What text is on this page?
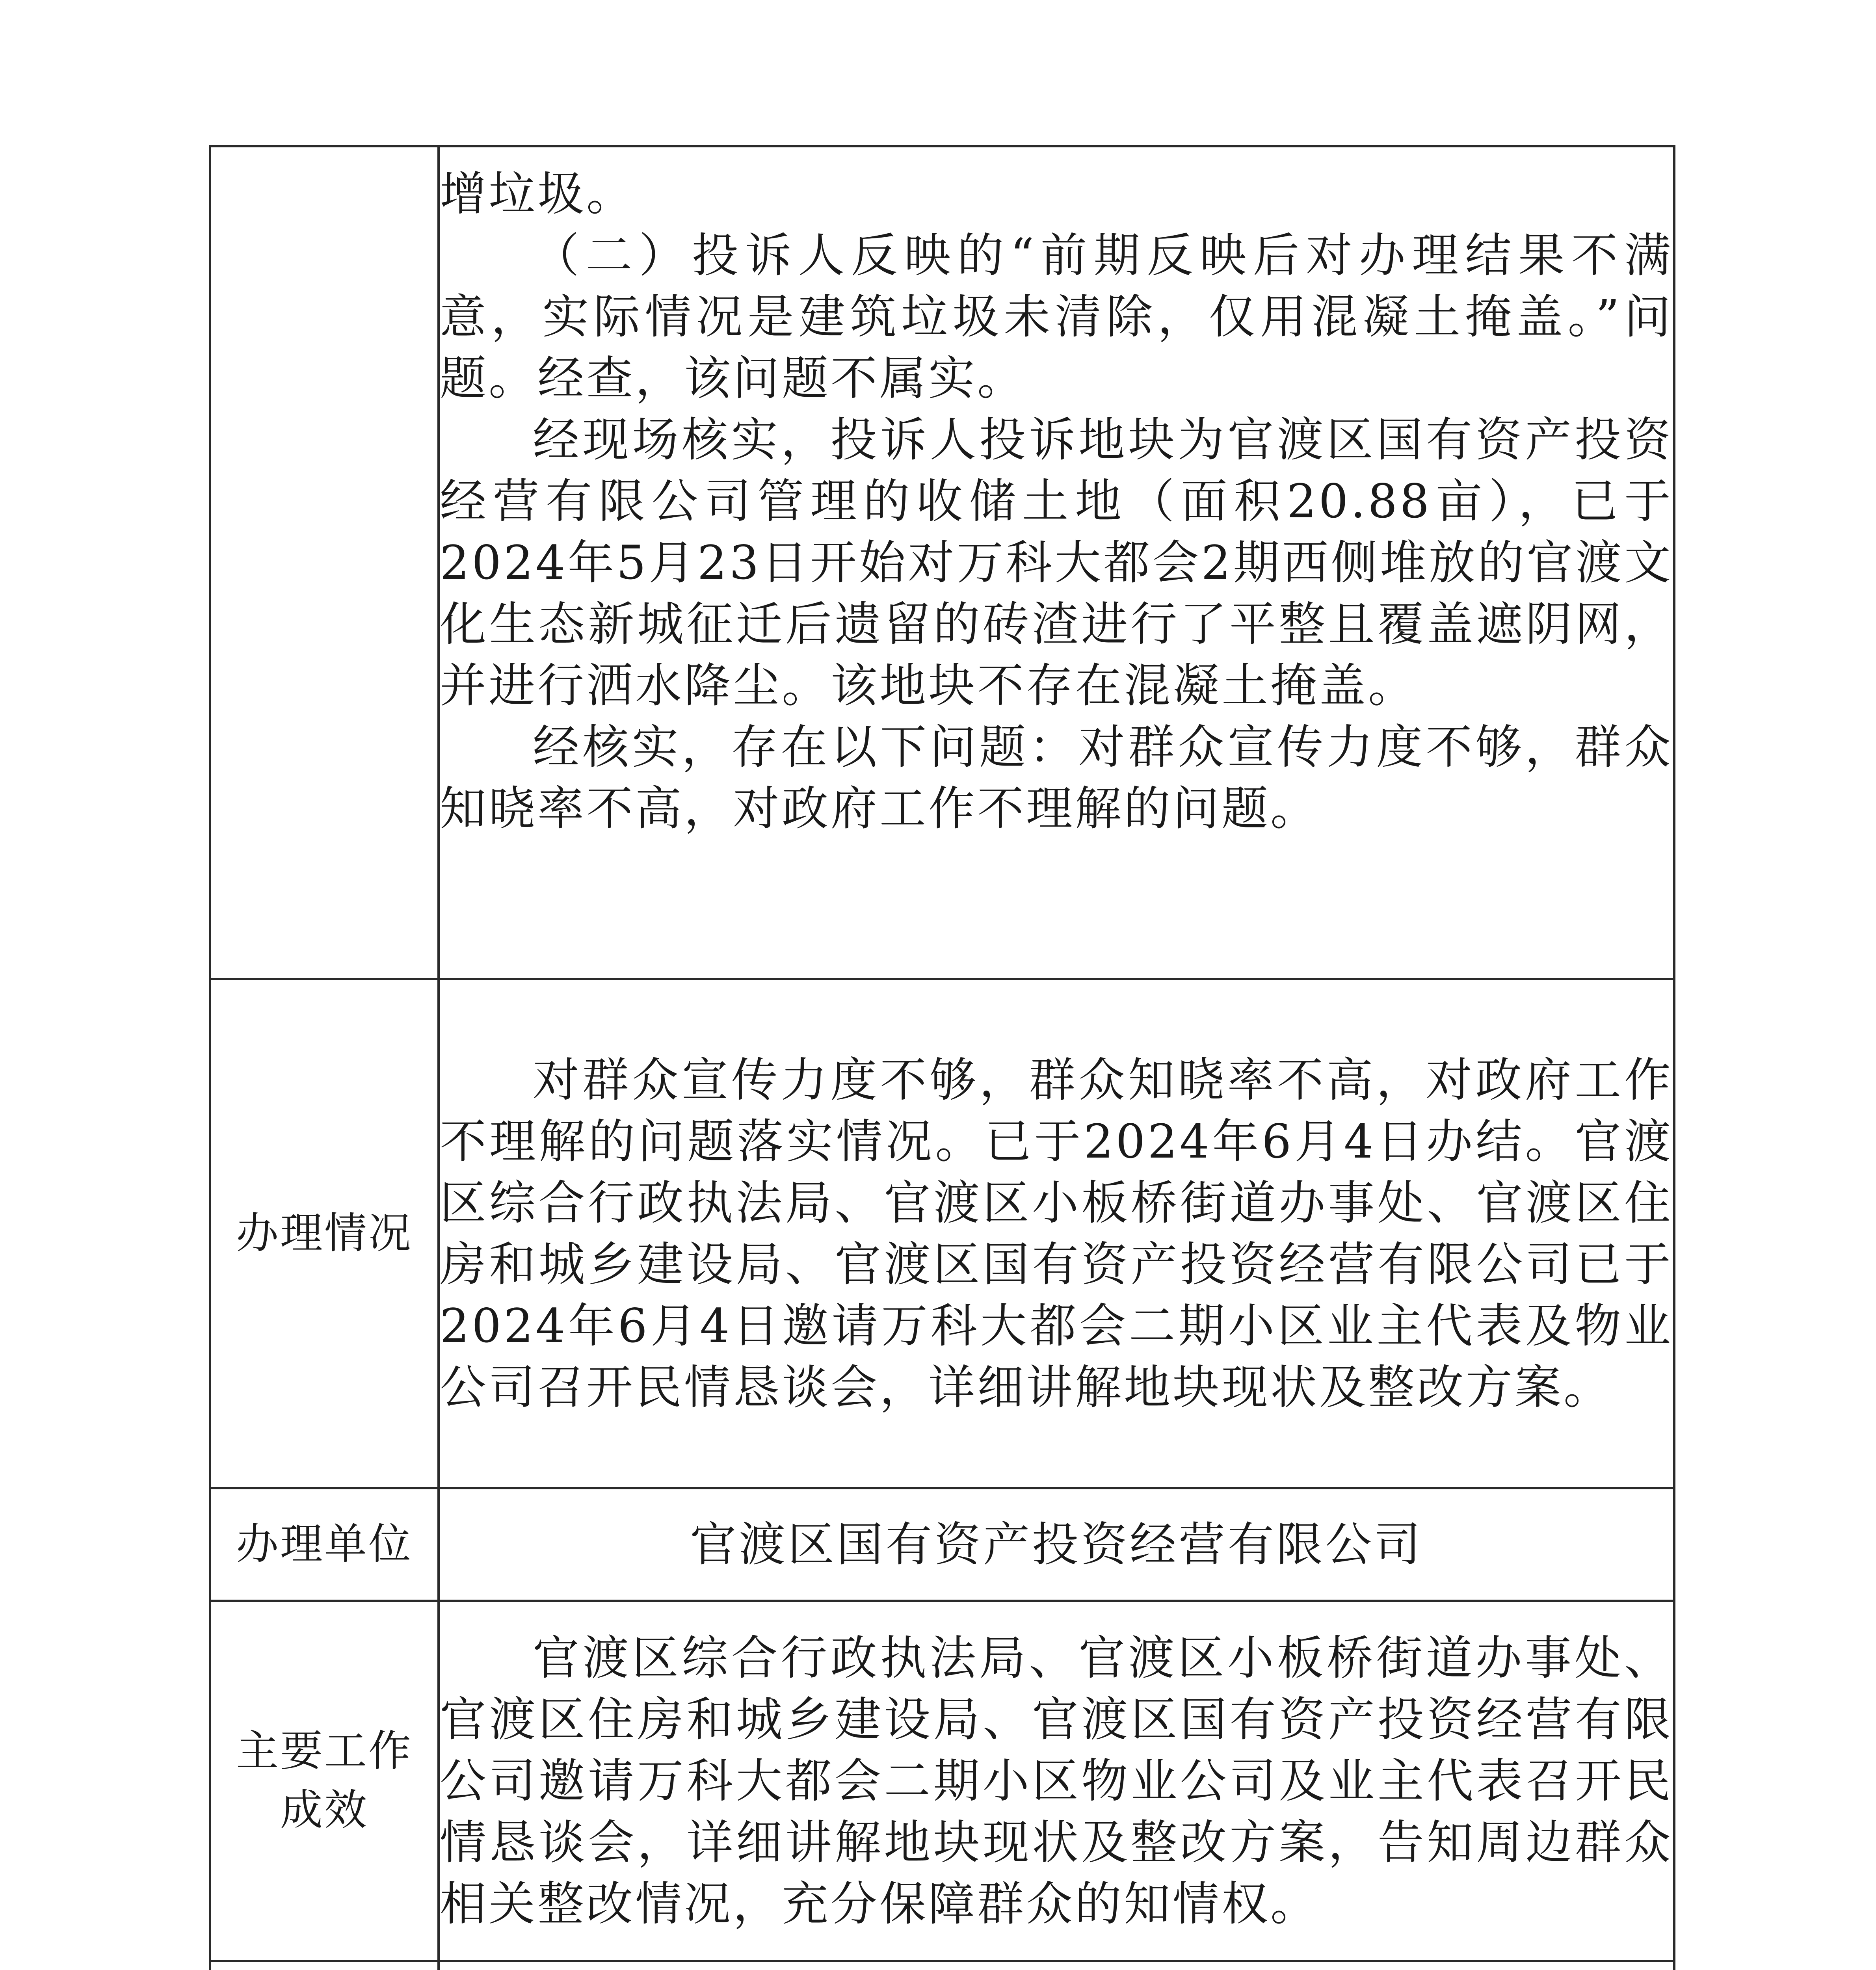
	增垃圾。

（二）投诉人反映的“前期反映后对办理结果不满意，实际情况是建筑垃圾未清除，仅用混凝土掩盖。”问题。经查，该问题不属实。

经现场核实，投诉人投诉地块为官渡区国有资产投资经营有限公司管理的收储土地（面积20.88亩），已于2024年5月23日开始对万科大都会2期西侧堆放的官渡文化生态新城征迁后遗留的砖渣进行了平整且覆盖遮阴网，并进行洒水降尘。该地块不存在混凝土掩盖。

经核实，存在以下问题：对群众宣传力度不够，群众知晓率不高，对政府工作不理解的问题。

办理情况	对群众宣传力度不够，群众知晓率不高，对政府工作不理解的问题落实情况。已于2024年6月4日办结。官渡区综合行政执法局、官渡区小板桥街道办事处、官渡区住房和城乡建设局、官渡区国有资产投资经营有限公司已于2024年6月4日邀请万科大都会二期小区业主代表及物业公司召开民情恳谈会，详细讲解地块现状及整改方案。

办理单位	官渡区国有资产投资经营有限公司

主要工作
成效	官渡区综合行政执法局、官渡区小板桥街道办事处、官渡区住房和城乡建设局、官渡区国有资产投资经营有限公司邀请万科大都会二期小区物业公司及业主代表召开民情恳谈会，详细讲解地块现状及整改方案，告知周边群众相关整改情况，充分保障群众的知情权。
